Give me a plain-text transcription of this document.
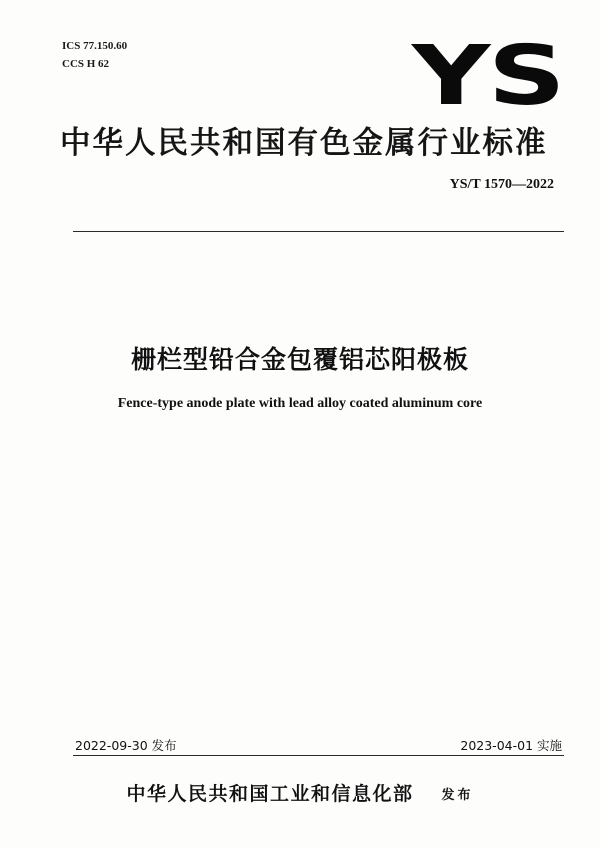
ICS 77.150.60
CCS H 62	YS
中华人民共和国有色金属行业标准
YS/T 1570—2022
栅栏型铅合金包覆铝芯阳极板
Fence-type anode plate with lead alloy coated aluminum core
2022-09-30 发布	2023-04-01 实施
中华人民共和国工业和信息化部 发布
